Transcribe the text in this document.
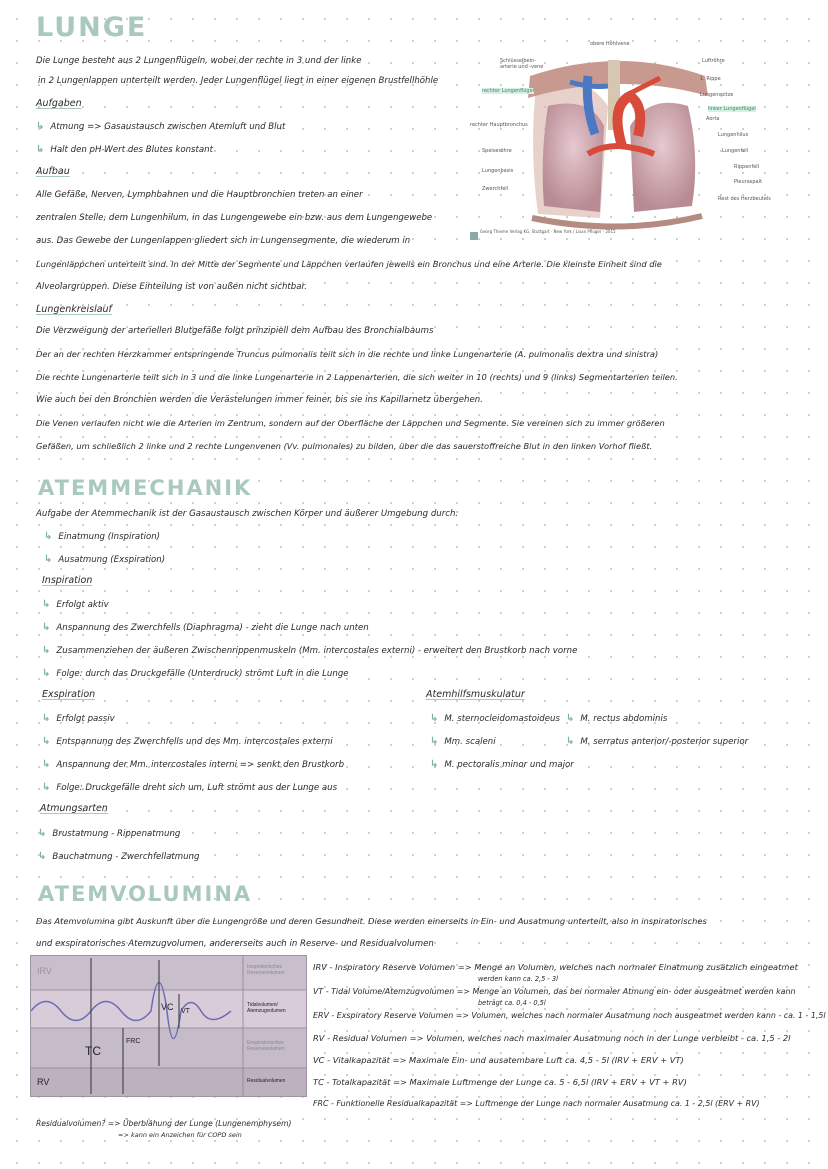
LUNGE
Die Lunge besteht aus 2 Lungenflügeln, wobei der rechte in 3 und der linke
in 2 Lungenlappen unterteilt werden. Jeder Lungenflügel liegt in einer eigenen Brustfellhöhle
Aufgaben
↳ Atmung => Gasaustausch zwischen Atemluft und Blut
↳ Halt den pH-Wert des Blutes konstant
Aufbau
Alle Gefäße, Nerven, Lymphbahnen und die Hauptbronchien treten an einer
zentralen Stelle, dem Lungenhilum, in das Lungengewebe ein bzw. aus dem Lungengewebe
aus. Das Gewebe der Lungenlappen gliedert sich in Lungensegmente, die wiederum in
Lungenläppchen unterteilt sind. In der Mitte der Segmente und Läppchen verlaufen jeweils ein Bronchus und eine Arterie. Die kleinste Einheit sind die
Alveolargruppen. Diese Einteilung ist von außen nicht sichtbar.
Lungenkreislauf
Die Verzweigung der arteriellen Blutgefäße folgt prinzipiell dem Aufbau des Bronchialbaums
Der an der rechten Herzkammer entspringende Truncus pulmonalis teilt sich in die rechte und linke Lungenarterie (A. pulmonalis dextra und sinistra)
Die rechte Lungenarterie teilt sich in 3 und die linke Lungenarterie in 2 Lappenarterien, die sich weiter in 10 (rechts) und 9 (links) Segmentarterien teilen.
Wie auch bei den Bronchien werden die Verästelungen immer feiner, bis sie ins Kapillarnetz übergehen.
Die Venen verlaufen nicht wie die Arterien im Zentrum, sondern auf der Oberfläche der Läppchen und Segmente. Sie vereinen sich zu immer größeren
Gefäßen, um schließlich 2 linke und 2 rechte Lungenvenen (Vv. pulmonales) zu bilden, über die das sauerstoffreiche Blut in den linken Vorhof fließt.
obere Hohlvene
Schlüsselbein-arterie und -vene
Luftröhre
rechter Lungenflügel
1. Rippe
Lungenspitze
linker Lungenflügel
rechter Hauptbronchus
Aorta
Lungenhilus
Speiseröhre	Lungenfell
Lungenbasis
Rippenfell
Zwerchfell
Pleuraspalt
Rest des Herzbeutels
Georg Thieme Verlag KG, Stuttgart · New York / Lisan Pflüger · 2015
ATEMMECHANIK
Aufgabe der Atemmechanik ist der Gasaustausch zwischen Körper und äußerer Umgebung durch:
↳ Einatmung (Inspiration)
↳ Ausatmung (Exspiration)
Inspiration
↳ Erfolgt aktiv
↳ Anspannung des Zwerchfells (Diaphragma) - zieht die Lunge nach unten
↳ Zusammenziehen der äußeren Zwischenrippenmuskeln (Mm. intercostales externi) - erweitert den Brustkorb nach vorne
↳ Folge: durch das Druckgefälle (Unterdruck) strömt Luft in die Lunge
Exspiration
↳ Erfolgt passiv
↳ Entspannung des Zwerchfells und des Mm. intercostales externi
↳ Anspannung der Mm. intercostales interni => senkt den Brustkorb
↳ Folge: Druckgefälle dreht sich um, Luft strömt aus der Lunge aus
Atmungsarten
↳ Brustatmung - Rippenatmung
↳ Bauchatmung - Zwerchfellatmung
Atemhilfsmuskulatur
↳ M. sternocleidomastoideus
↳ Mm. scaleni
↳ M. pectoralis minor und major
↳ M. rectus abdominis
↳ M. serratus anterior/-posterior superior
ATEMVOLUMINA
Das Atemvolumina gibt Auskunft über die Lungengröße und deren Gesundheit. Diese werden einerseits in Ein- und Ausatmung unterteilt, also in inspiratorisches
und exspiratorisches Atemzugvolumen, andererseits auch in Reserve- und Residualvolumen
IRV
RV
Inspiratorisches Reservevolumen
Tidalvolumen/ Atemzugvolumen
Exspiratorisches Reservevolumen
Residualvolumen
TC
VC VT
FRC
IRV - Inspiratory Reserve Volumen => Menge an Volumen, welches nach normaler Einatmung zusätzlich eingeatmet
werden kann ca. 2,5 - 3l
VT - Tidal Volume/Atemzugvolumen => Menge an Volumen, das bei normaler Atmung ein- oder ausgeatmet werden kann
beträgt ca. 0,4 - 0,5l
ERV - Exspiratory Reserve Volumen => Volumen, welches nach normaler Ausatmung noch ausgeatmet werden kann - ca. 1 - 1,5l
RV - Residual Volumen => Volumen, welches nach maximaler Ausatmung noch in der Lunge verbleibt - ca. 1,5 - 2l
VC - Vitalkapazität => Maximale Ein- und ausatembare Luft ca. 4,5 - 5l (IRV + ERV + VT)
TC - Totalkapazität => Maximale Luftmenge der Lunge ca. 5 - 6,5l (IRV + ERV + VT + RV)
FRC - Funktionelle Residualkapazität => Luftmenge der Lunge nach normaler Ausatmung ca. 1 - 2,5l (ERV + RV)
Residualvolumen? => Überblähung der Lunge (Lungenemphysem)
=> kann ein Anzeichen für COPD sein
